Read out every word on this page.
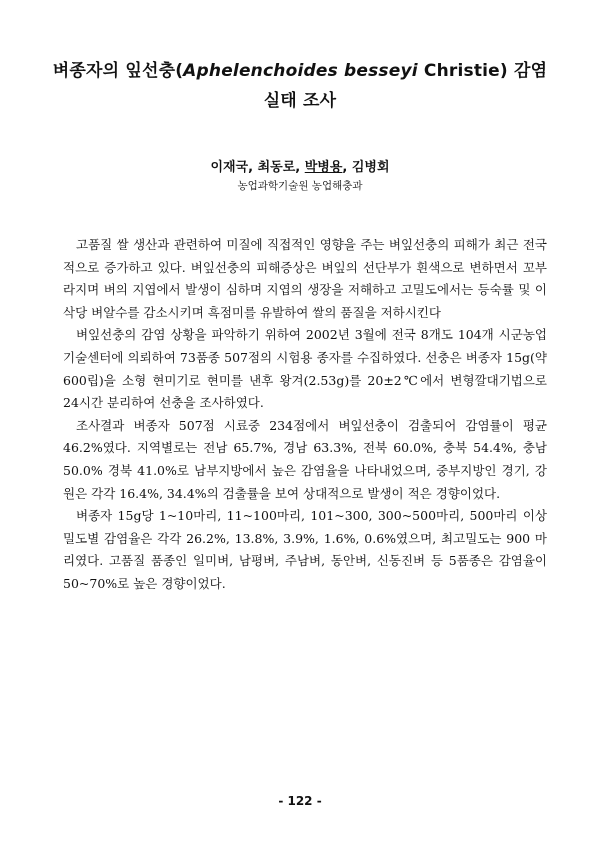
벼종자의 잎선충(Aphelenchoides besseyi Christie) 감염
실태 조사
이재국, 최동로, 박병용, 김병회
농업과학기술원 농업해충과

고품질 쌀 생산과 관련하여 미질에 직접적인 영향을 주는 벼잎선충의 피해가 최근 전국적으로 증가하고 있다. 벼잎선충의 피해증상은 벼잎의 선단부가 흰색으로 변하면서 꼬부라지며 벼의 지엽에서 발생이 심하며 지엽의 생장을 저해하고 고밀도에서는 등숙률 및 이삭당 벼알수를 감소시키며 흑점미를 유발하여 쌀의 품질을 저하시킨다

벼잎선충의 감염 상황을 파악하기 위하여 2002년 3월에 전국 8개도 104개 시군농업기술센터에 의뢰하여 73품종 507점의 시험용 종자를 수집하였다. 선충은 벼종자 15g(약 600립)을 소형 현미기로 현미를 낸후 왕겨(2.53g)를 20±2℃에서 변형깔대기법으로 24시간 분리하여 선충을 조사하였다.

조사결과 벼종자 507점 시료중 234점에서 벼잎선충이 검출되어 감염률이 평균 46.2%였다. 지역별로는 전남 65.7%, 경남 63.3%, 전북 60.0%, 충북 54.4%, 충남 50.0% 경북 41.0%로 남부지방에서 높은 감염율을 나타내었으며, 중부지방인 경기, 강원은 각각 16.4%, 34.4%의 검출률을 보여 상대적으로 발생이 적은 경향이었다.

벼종자 15g당 1~10마리, 11~100마리, 101~300, 300~500마리, 500마리 이상 밀도별 감염율은 각각 26.2%, 13.8%, 3.9%, 1.6%, 0.6%였으며, 최고밀도는 900 마리였다. 고품질 품종인 일미벼, 남평벼, 주남벼, 동안벼, 신동진벼 등 5품종은 감염율이 50~70%로 높은 경향이었다.

- 122 -
